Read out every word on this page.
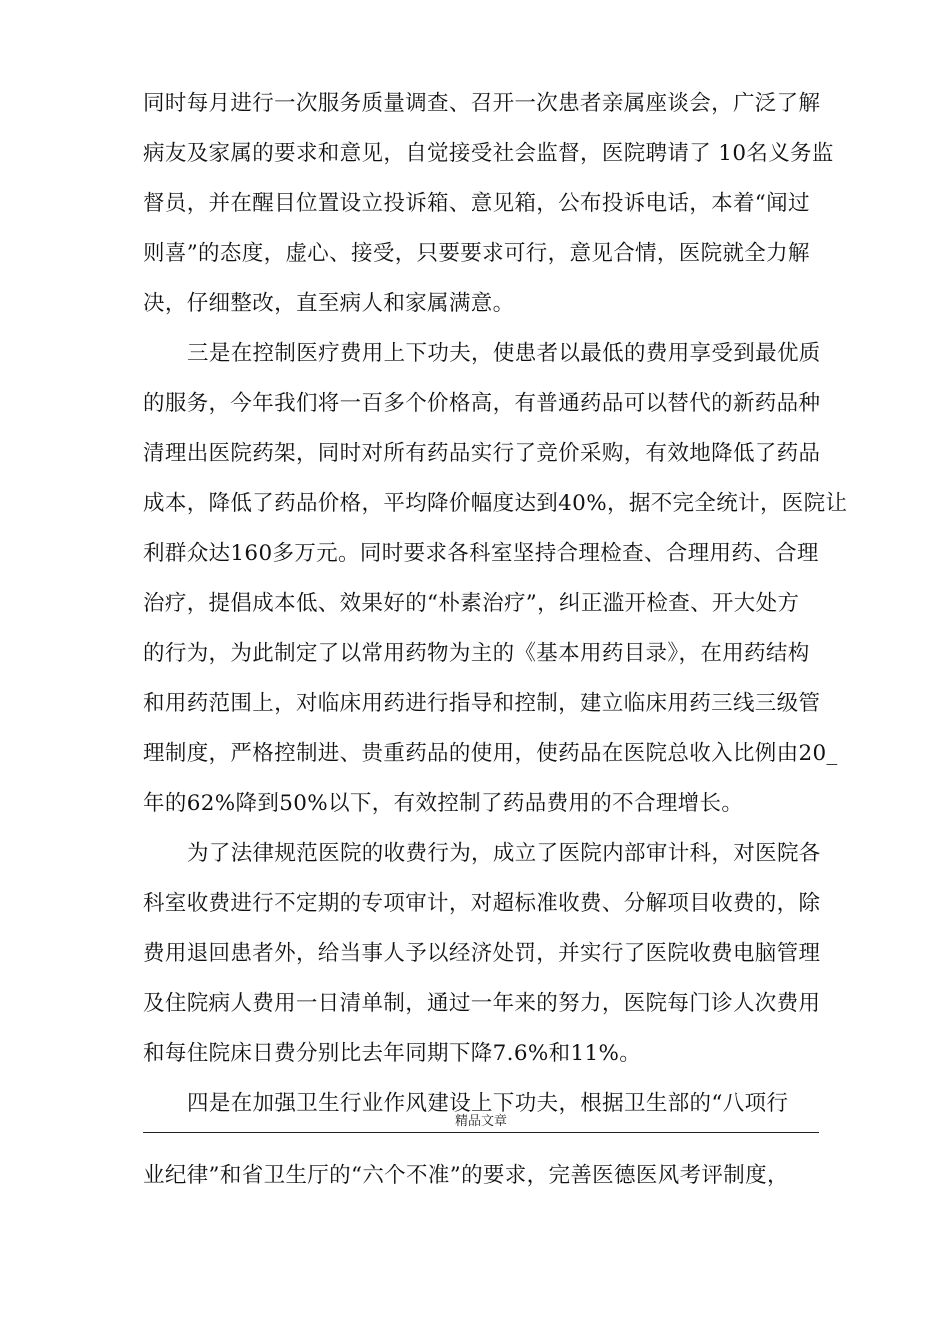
同时每月进行一次服务质量调查、召开一次患者亲属座谈会，广泛了解
病友及家属的要求和意见，自觉接受社会监督，医院聘请了 10名义务监
督员，并在醒目位置设立投诉箱、意见箱，公布投诉电话，本着“闻过
则喜”的态度，虚心、接受，只要要求可行，意见合情，医院就全力解
决，仔细整改，直至病人和家属满意。
三是在控制医疗费用上下功夫，使患者以最低的费用享受到最优质
的服务，今年我们将一百多个价格高，有普通药品可以替代的新药品种
清理出医院药架，同时对所有药品实行了竞价采购，有效地降低了药品
成本，降低了药品价格，平均降价幅度达到40%，据不完全统计，医院让
利群众达160多万元。同时要求各科室坚持合理检查、合理用药、合理
治疗，提倡成本低、效果好的“朴素治疗”，纠正滥开检查、开大处方
的行为，为此制定了以常用药物为主的《基本用药目录》，在用药结构
和用药范围上，对临床用药进行指导和控制，建立临床用药三线三级管
理制度，严格控制进、贵重药品的使用，使药品在医院总收入比例由20_
年的62%降到50%以下，有效控制了药品费用的不合理增长。
为了法律规范医院的收费行为，成立了医院内部审计科，对医院各
科室收费进行不定期的专项审计，对超标准收费、分解项目收费的，除
费用退回患者外，给当事人予以经济处罚，并实行了医院收费电脑管理
及住院病人费用一日清单制，通过一年来的努力，医院每门诊人次费用
和每住院床日费分别比去年同期下降7.6%和11%。
四是在加强卫生行业作风建设上下功夫，根据卫生部的“八项行
精品文章
业纪律”和省卫生厅的“六个不准”的要求，完善医德医风考评制度，
